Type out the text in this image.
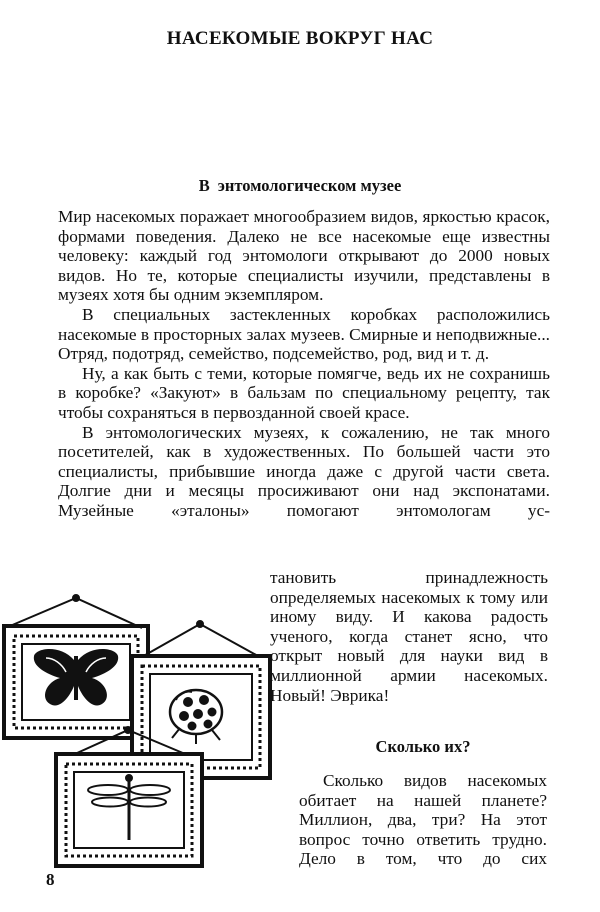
НАСЕКОМЫЕ ВОКРУГ НАС
В энтомологическом музее

Мир насекомых поражает многообразием видов, яркостью красок, формами поведения. Далеко не все насекомые еще известны человеку: каждый год энтомологи открывают до 2000 новых видов. Но те, которые специалисты изучили, представлены в музеях хотя бы одним экземпляром.

В специальных застекленных коробках расположились насекомые в просторных залах музеев. Смирные и неподвижные... Отряд, подотряд, семейство, подсемейство, род, вид и т. д.

Ну, а как быть с теми, которые помягче, ведь их не сохранишь в коробке? «Закуют» в бальзам по специальному рецепту, так чтобы сохраняться в первозданной своей красе.

В энтомологических музеях, к сожалению, не так много посетителей, как в художественных. По большей части это специалисты, прибывшие иногда даже с другой части света. Долгие дни и месяцы просиживают они над экспонатами. Музейные «эталоны» помогают энтомологам ус-

тановить принадлежность определяемых насекомых к тому или иному виду. И какова радость ученого, когда станет ясно, что открыт новый для науки вид в миллионной армии насекомых. Новый! Эврика!

Сколько их?

Сколько видов насекомых обитает на нашей планете? Миллион, два, три? На этот вопрос точно ответить трудно. Дело в том, что до сих

8
